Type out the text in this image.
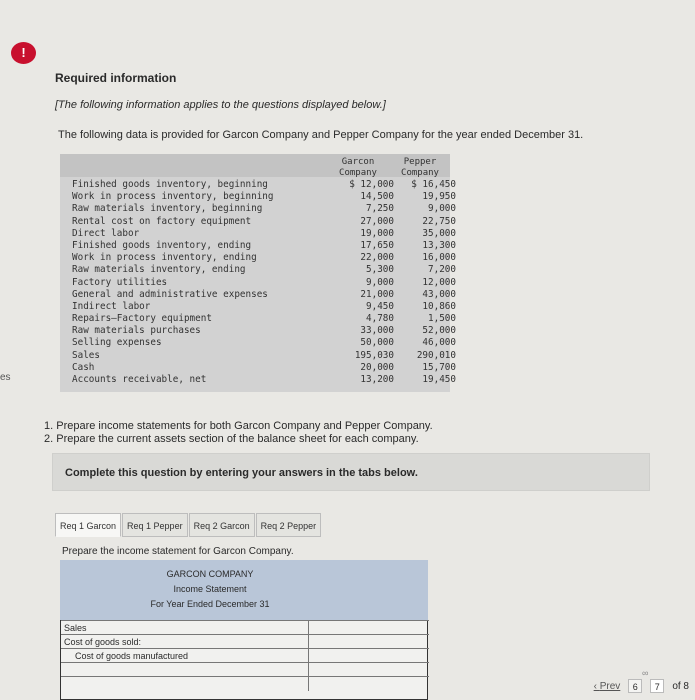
!
es
Required information
[The following information applies to the questions displayed below.]
The following data is provided for Garcon Company and Pepper Company for the year ended December 31.
Garcon
Company
Pepper
Company
Finished goods inventory, beginning	$ 12,000	$ 16,450
Work in process inventory, beginning	14,500	19,950
Raw materials inventory, beginning	7,250	9,000
Rental cost on factory equipment	27,000	22,750
Direct labor	19,000	35,000
Finished goods inventory, ending	17,650	13,300
Work in process inventory, ending	22,000	16,000
Raw materials inventory, ending	5,300	7,200
Factory utilities	9,000	12,000
General and administrative expenses	21,000	43,000
Indirect labor	9,450	10,860
Repairs—Factory equipment	4,780	1,500
Raw materials purchases	33,000	52,000
Selling expenses	50,000	46,000
Sales	195,030	290,010
Cash	20,000	15,700
Accounts receivable, net	13,200	19,450
1. Prepare income statements for both Garcon Company and Pepper Company.
2. Prepare the current assets section of the balance sheet for each company.
Complete this question by entering your answers in the tabs below.
Req 1 Garcon	Req 1 Pepper	Req 2 Garcon	Req 2 Pepper
Prepare the income statement for Garcon Company.
GARCON COMPANY
Income Statement
For Year Ended December 31
Sales
Cost of goods sold:
Cost of goods manufactured
∞
‹ Prev	6	7	of 8
